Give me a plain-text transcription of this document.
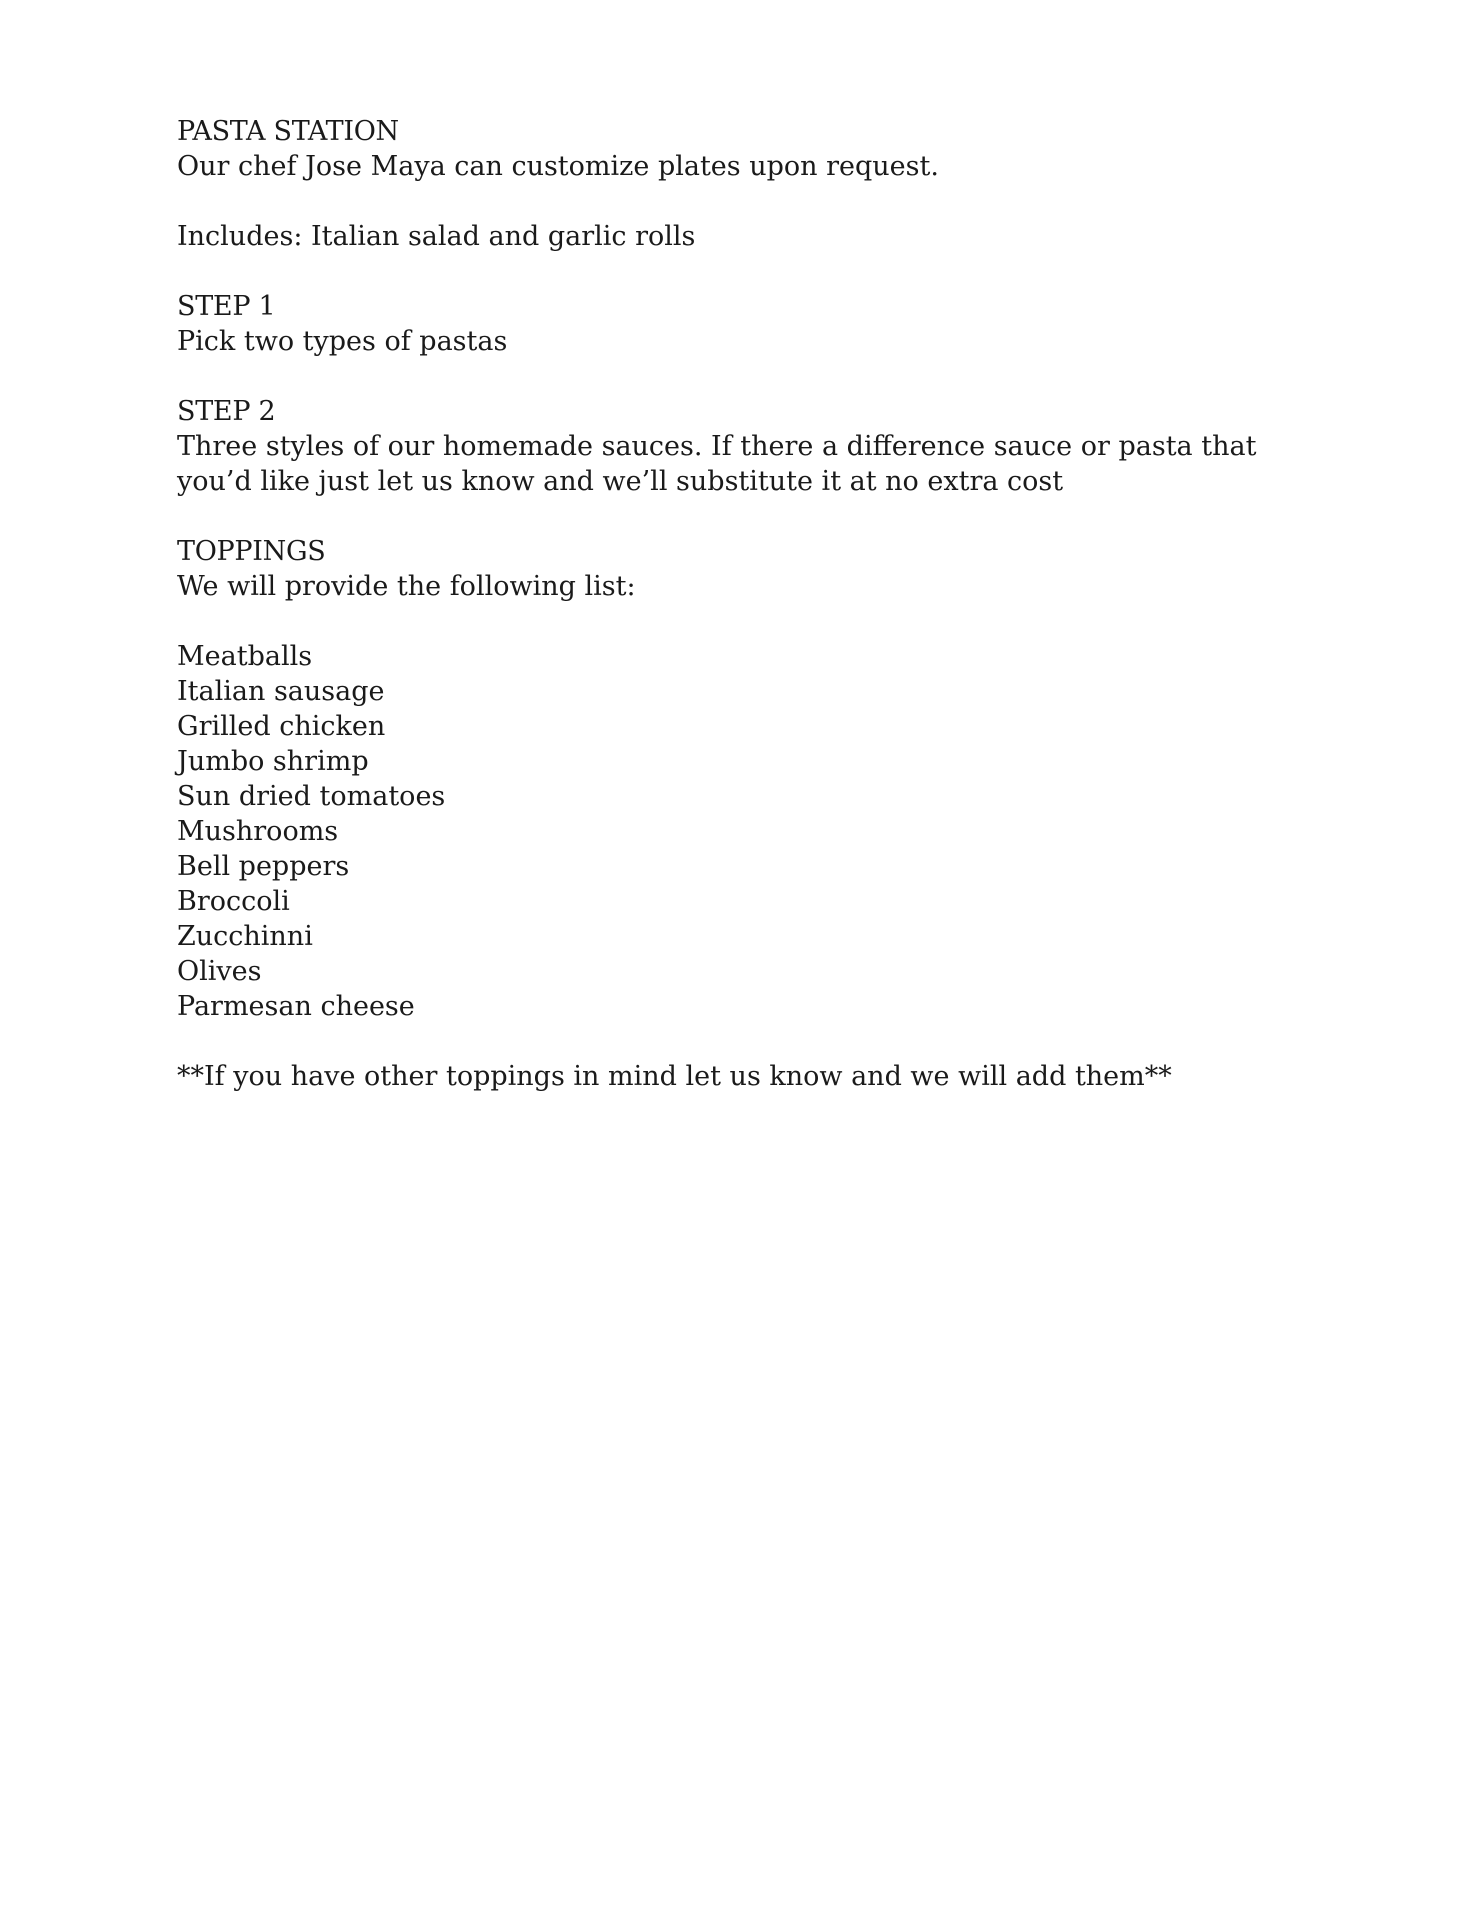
PASTA STATION
Our chef Jose Maya can customize plates upon request.
Includes: Italian salad and garlic rolls
STEP 1
Pick two types of pastas
STEP 2
Three styles of our homemade sauces. If there a difference sauce or pasta that you’d like just let us know and we’ll substitute it at no extra cost
TOPPINGS
We will provide the following list:
Meatballs
Italian sausage
Grilled chicken
Jumbo shrimp
Sun dried tomatoes
Mushrooms
Bell peppers
Broccoli
Zucchinni
Olives
Parmesan cheese
**If you have other toppings in mind let us know and we will add them**
